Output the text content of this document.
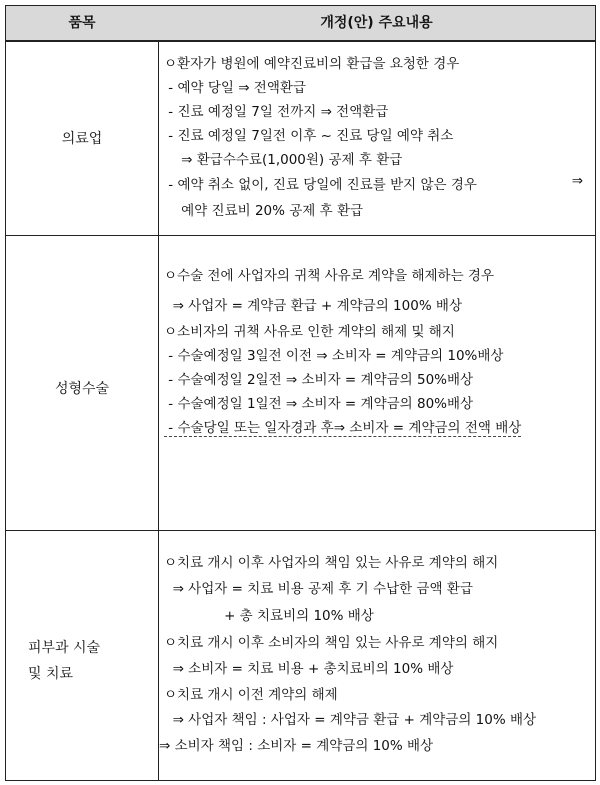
품목	개정(안) 주요내용
의료업
ㅇ환자가 병원에 예약진료비의 환급을 요청한 경우
- 예약 당일 ⇒ 전액환급
- 진료 예정일 7일 전까지 ⇒ 전액환급
- 진료 예정일 7일전 이후 ~ 진료 당일 예약 취소
⇒ 환급수수료(1,000원) 공제 후 환급
- 예약 취소 없이, 진료 당일에 진료를 받지 않은 경우	⇒
예약 진료비 20% 공제 후 환급
성형수술
ㅇ수술 전에 사업자의 귀책 사유로 계약을 해제하는 경우
⇒ 사업자 = 계약금 환급 + 계약금의 100% 배상
ㅇ소비자의 귀책 사유로 인한 계약의 해제 및 해지
- 수술예정일 3일전 이전 ⇒ 소비자 = 계약금의 10%배상
- 수술예정일 2일전 ⇒ 소비자 = 계약금의 50%배상
- 수술예정일 1일전 ⇒ 소비자 = 계약금의 80%배상
- 수술당일 또는 일자경과 후⇒ 소비자 = 계약금의 전액 배상
피부과 시술
및 치료
ㅇ치료 개시 이후 사업자의 책임 있는 사유로 계약의 해지
⇒ 사업자 = 치료 비용 공제 후 기 수납한 금액 환급
+ 총 치료비의 10% 배상
ㅇ치료 개시 이후 소비자의 책임 있는 사유로 계약의 해지
⇒ 소비자 = 치료 비용 + 총치료비의 10% 배상
ㅇ치료 개시 이전 계약의 해제
⇒ 사업자 책임 : 사업자 = 계약금 환급 + 계약금의 10% 배상
⇒ 소비자 책임 : 소비자 = 계약금의 10% 배상
